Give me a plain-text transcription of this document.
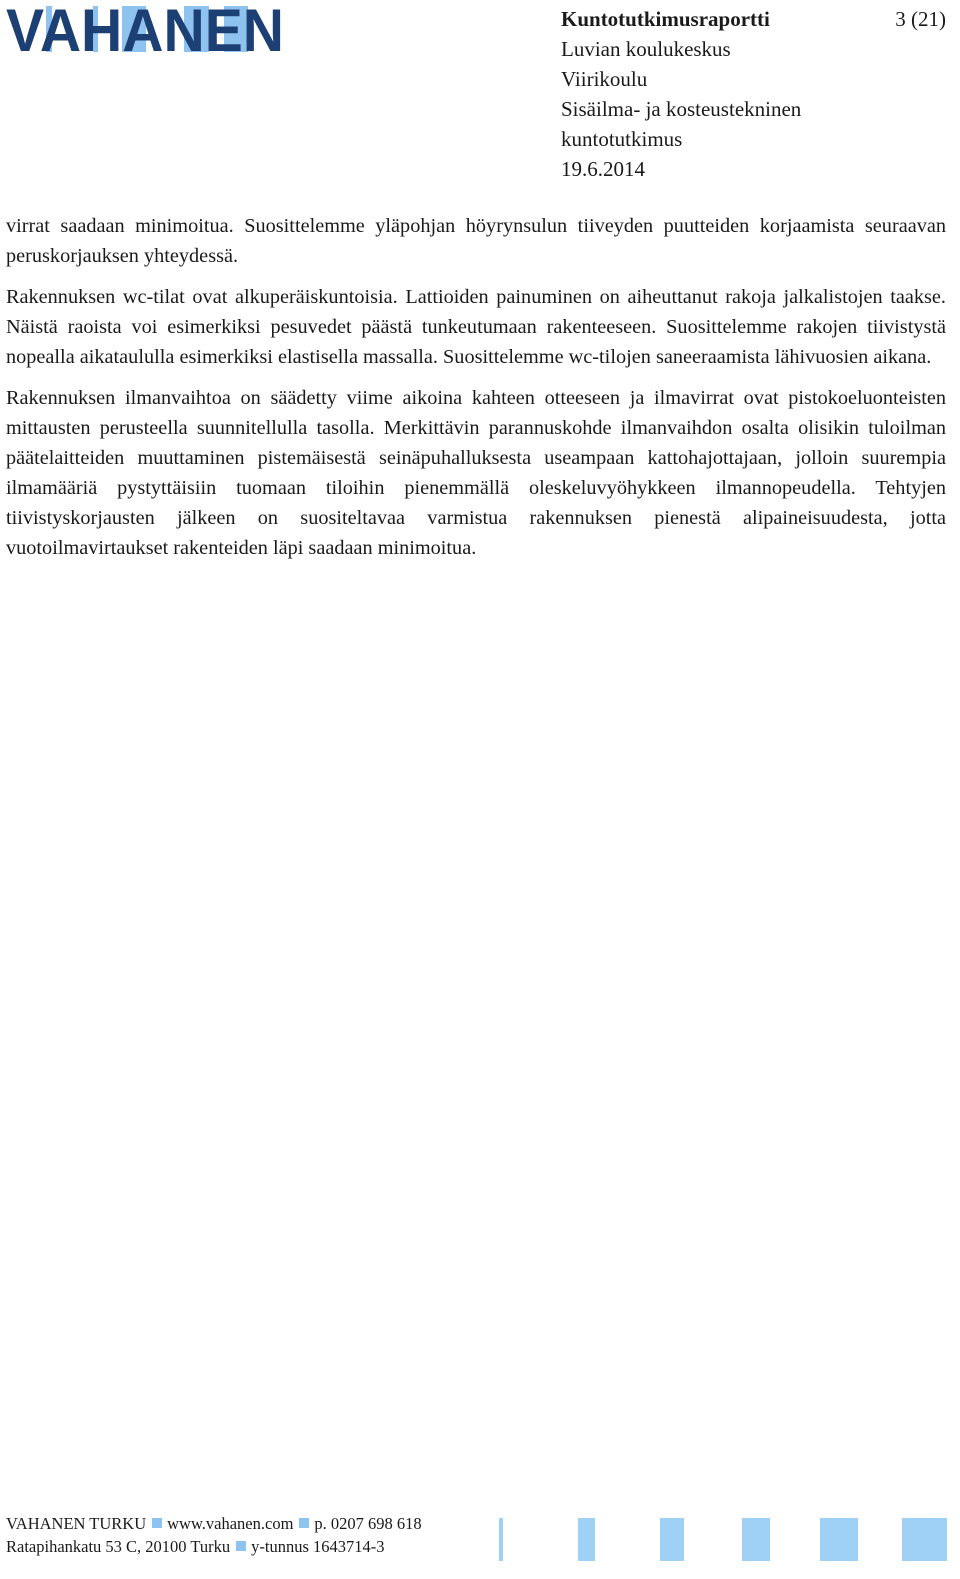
VAHANEN	Kuntotutkimusraportti
Luvian koulukeskus
Viirikoulu
Sisäilma- ja kosteustekninen
kuntotutkimus
19.6.2014
3 (21)

virrat saadaan minimoitua. Suosittelemme yläpohjan höyrynsulun tiiveyden puutteiden korjaamista seuraavan peruskorjauksen yhteydessä.

Rakennuksen wc-tilat ovat alkuperäiskuntoisia. Lattioiden painuminen on aiheuttanut rakoja jalkalistojen taakse. Näistä raoista voi esimerkiksi pesuvedet päästä tunkeutumaan rakenteeseen. Suosittelemme rakojen tiivistystä nopealla aikataululla esimerkiksi elastisella massalla. Suosittelemme wc-tilojen saneeraamista lähivuosien aikana.

Rakennuksen ilmanvaihtoa on säädetty viime aikoina kahteen otteeseen ja ilmavirrat ovat pistokoeluonteisten mittausten perusteella suunnitellulla tasolla. Merkittävin parannuskohde ilmanvaihdon osalta olisikin tuloilman päätelaitteiden muuttaminen pistemäisestä seinäpuhalluksesta useampaan kattohajottajaan, jolloin suurempia ilmamääriä pystyttäisiin tuomaan tiloihin pienemmällä oleskeluvyöhykkeen ilmannopeudella. Tehtyjen tiivistyskorjausten jälkeen on suositeltavaa varmistua rakennuksen pienestä alipaineisuudesta, jotta vuotoilmavirtaukset rakenteiden läpi saadaan minimoitua.

VAHANEN TURKU www.vahanen.com p. 0207 698 618
Ratapihankatu 53 C, 20100 Turku y-tunnus 1643714-3
